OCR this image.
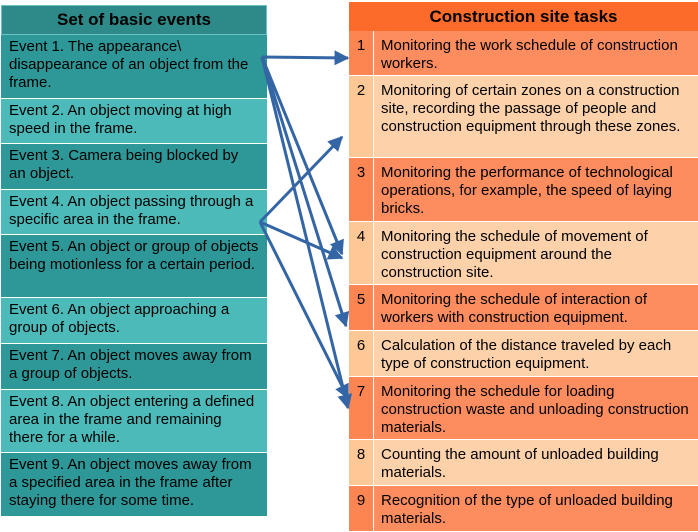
Set of basic events
Event 1. The appearance\ disappearance of an object from the frame.
Event 2. An object moving at high speed in the frame.
Event 3. Camera being blocked by an object.
Event 4. An object passing through a specific area in the frame.
Event 5. An object or group of objects being motionless for a certain period.
Event 6. An object approaching a group of objects.
Event 7. An object moves away from a group of objects.
Event 8. An object entering a defined area in the frame and remaining there for a while.
Event 9. An object moves away from a specified area in the frame after staying there for some time.
Construction site tasks
1	Monitoring the work schedule of construction workers.
2	Monitoring of certain zones on a construction site, recording the passage of people and construction equipment through these zones.
3	Monitoring the performance of technological operations, for example, the speed of laying bricks.
4	Monitoring the schedule of movement of construction equipment around the construction site.
5	Monitoring the schedule of interaction of workers with construction equipment.
6	Calculation of the distance traveled by each type of construction equipment.
7	Monitoring the schedule for loading construction waste and unloading construction materials.
8	Counting the amount of unloaded building materials.
9	Recognition of the type of unloaded building materials.
